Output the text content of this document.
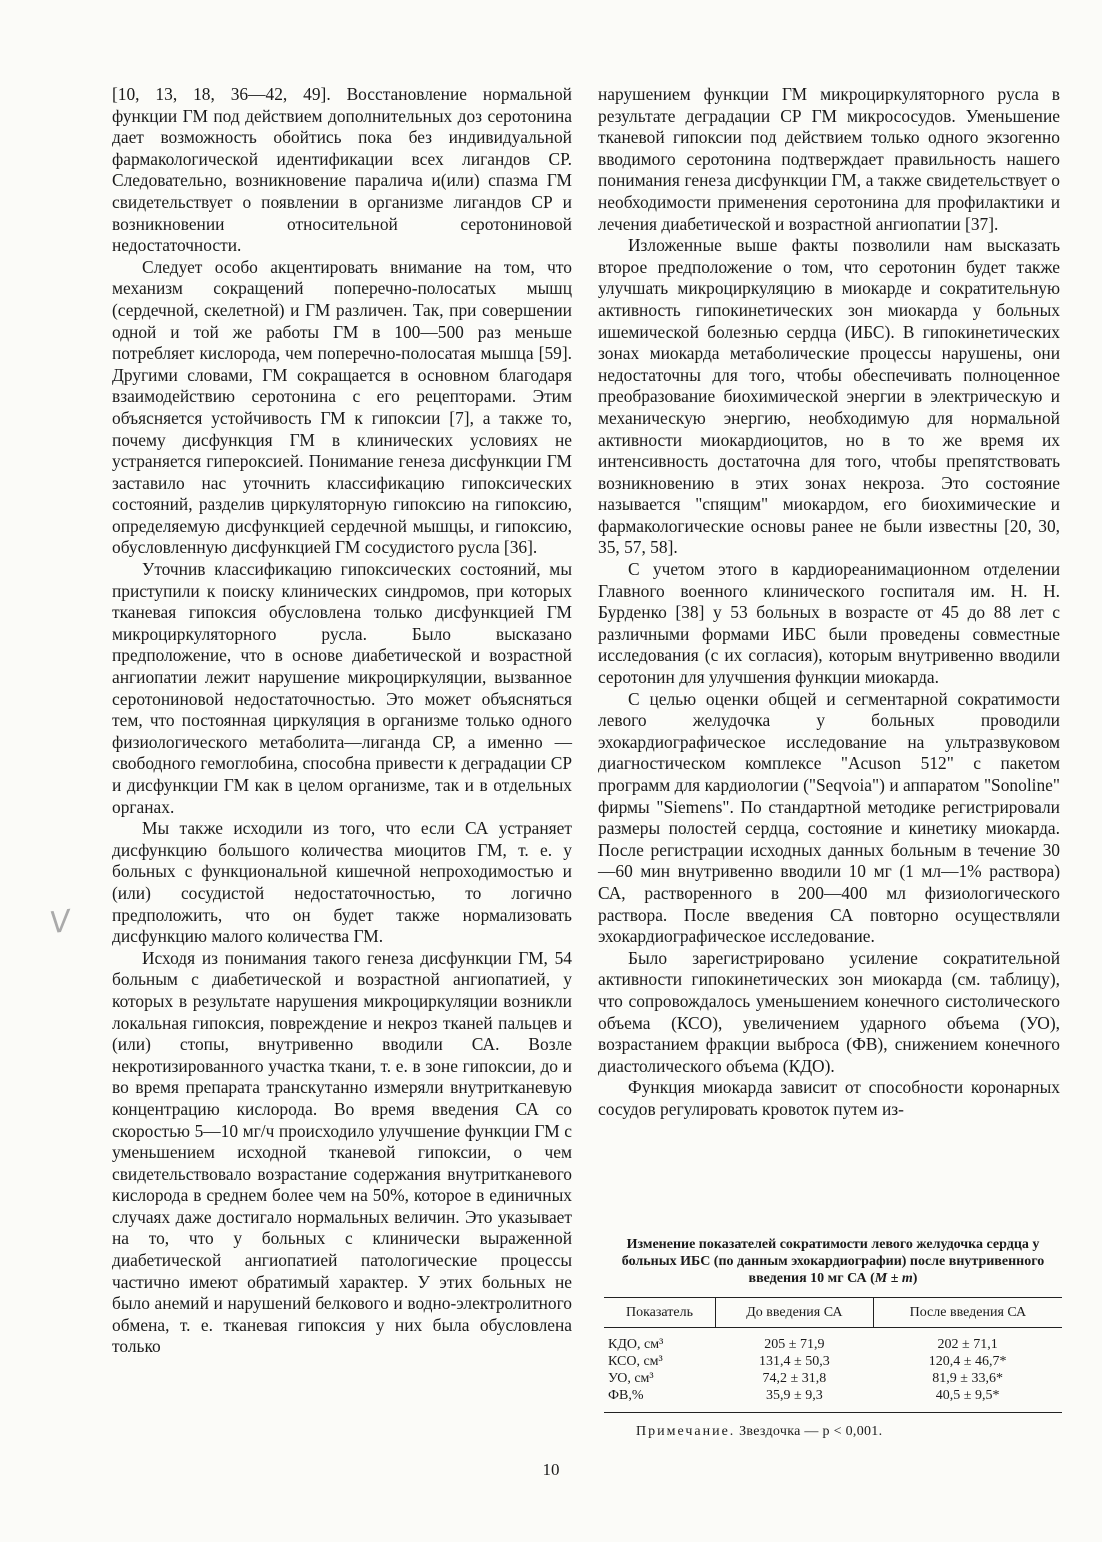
V

[10, 13, 18, 36—42, 49]. Восстановление нормальной функции ГМ под действием дополнительных доз серотонина дает возможность обойтись пока без индивидуальной фармакологической идентификации всех лигандов СР. Следовательно, возникновение паралича и(или) спазма ГМ свидетельствует о появлении в организме лигандов СР и возникновении относительной серотониновой недостаточности.

Следует особо акцентировать внимание на том, что механизм сокращений поперечно-полосатых мышц (сердечной, скелетной) и ГМ различен. Так, при совершении одной и той же работы ГМ в 100—500 раз меньше потребляет кислорода, чем поперечно-полосатая мышца [59]. Другими словами, ГМ сокращается в основном благодаря взаимодействию серотонина с его рецепторами. Этим объясняется устойчивость ГМ к гипоксии [7], а также то, почему дисфункция ГМ в клинических условиях не устраняется гипероксией. Понимание генеза дисфункции ГМ заставило нас уточнить классификацию гипоксических состояний, разделив циркуляторную гипоксию на гипоксию, определяемую дисфункцией сердечной мышцы, и гипоксию, обусловленную дисфункцией ГМ сосудистого русла [36].

Уточнив классификацию гипоксических состояний, мы приступили к поиску клинических синдромов, при которых тканевая гипоксия обусловлена только дисфункцией ГМ микроциркуляторного русла. Было высказано предположение, что в основе диабетической и возрастной ангиопатии лежит нарушение микроциркуляции, вызванное серотониновой недостаточностью. Это может объясняться тем, что постоянная циркуляция в организме только одного физиологического метаболита—лиганда СР, а именно — свободного гемоглобина, способна привести к деградации СР и дисфункции ГМ как в целом организме, так и в отдельных органах.

Мы также исходили из того, что если СА устраняет дисфункцию большого количества миоцитов ГМ, т. е. у больных с функциональной кишечной непроходимостью и (или) сосудистой недостаточностью, то логично предположить, что он будет также нормализовать дисфункцию малого количества ГМ.

Исходя из понимания такого генеза дисфункции ГМ, 54 больным с диабетической и возрастной ангиопатией, у которых в результате нарушения микроциркуляции возникли локальная гипоксия, повреждение и некроз тканей пальцев и (или) стопы, внутривенно вводили СА. Возле некротизированного участка ткани, т. е. в зоне гипоксии, до и во время препарата транскутанно измеряли внутритканевую концентрацию кислорода. Во время введения СА со скоростью 5—10 мг/ч происходило улучшение функции ГМ с уменьшением исходной тканевой гипоксии, о чем свидетельствовало возрастание содержания внутритканевого кислорода в среднем более чем на 50%, которое в единичных случаях даже достигало нормальных величин. Это указывает на то, что у больных с клинически выраженной диабетической ангиопатией патологические процессы частично имеют обратимый характер. У этих больных не было анемий и нарушений белкового и водно-электролитного обмена, т. е. тканевая гипоксия у них была обусловлена только

нарушением функции ГМ микроциркуляторного русла в результате деградации СР ГМ микрососудов. Уменьшение тканевой гипоксии под действием только одного экзогенно вводимого серотонина подтверждает правильность нашего понимания генеза дисфункции ГМ, а также свидетельствует о необходимости применения серотонина для профилактики и лечения диабетической и возрастной ангиопатии [37].

Изложенные выше факты позволили нам высказать второе предположение о том, что серотонин будет также улучшать микроциркуляцию в миокарде и сократительную активность гипокинетических зон миокарда у больных ишемической болезнью сердца (ИБС). В гипокинетических зонах миокарда метаболические процессы нарушены, они недостаточны для того, чтобы обеспечивать полноценное преобразование биохимической энергии в электрическую и механическую энергию, необходимую для нормальной активности миокардиоцитов, но в то же время их интенсивность достаточна для того, чтобы препятствовать возникновению в этих зонах некроза. Это состояние называется "спящим" миокардом, его биохимические и фармакологические основы ранее не были известны [20, 30, 35, 57, 58].

С учетом этого в кардиореанимационном отделении Главного военного клинического госпиталя им. Н. Н. Бурденко [38] у 53 больных в возрасте от 45 до 88 лет с различными формами ИБС были проведены совместные исследования (с их согласия), которым внутривенно вводили серотонин для улучшения функции миокарда.

С целью оценки общей и сегментарной сократимости левого желудочка у больных проводили эхокардиографическое исследование на ультразвуковом диагностическом комплексе "Acuson 512" с пакетом программ для кардиологии ("Seqvoia") и аппаратом "Sonoline" фирмы "Siemens". По стандартной методике регистрировали размеры полостей сердца, состояние и кинетику миокарда. После регистрации исходных данных больным в течение 30—60 мин внутривенно вводили 10 мг (1 мл—1% раствора) СА, растворенного в 200—400 мл физиологического раствора. После введения СА повторно осуществляли эхокардиографическое исследование.

Было зарегистрировано усиление сократительной активности гипокинетических зон миокарда (см. таблицу), что сопровождалось уменьшением конечного систолического объема (КСО), увеличением ударного объема (УО), возрастанием фракции выброса (ФВ), снижением конечного диастолического объема (КДО).

Функция миокарда зависит от способности коронарных сосудов регулировать кровоток путем из-

Изменение показателей сократимости левого желудочка сердца у больных ИБС (по данным эхокардиографии) после внутривенного введения 10 мг СА (M ± m)
Показатель	До введения СА	После введения СА
КДО, см³	205 ± 71,9	202 ± 71,1
КСО, см³	131,4 ± 50,3	120,4 ± 46,7*
УО, см³	74,2 ± 31,8	81,9 ± 33,6*
ФВ,%	35,9 ± 9,3	40,5 ± 9,5*
Примечание. Звездочка — p < 0,001.
10
